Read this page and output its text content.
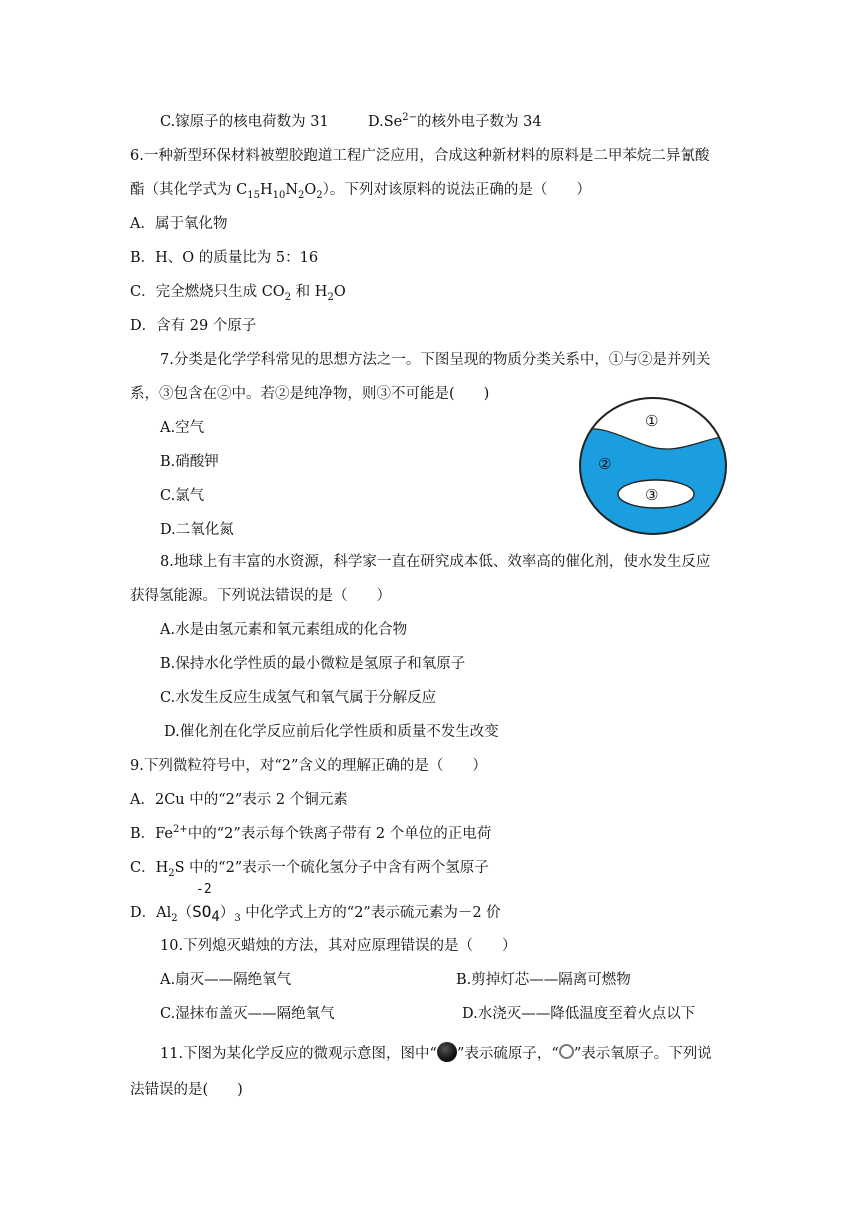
C.镓原子的核电荷数为 31	$D.Se^{2-}$的核外电子数为 34
6.一种新型环保材料被塑胶跑道工程广泛应用，合成这种新材料的原料是二甲苯烷二异氰酸
酯（其化学式为 $C_{15}H_{10}N_2O_2$）。下列对该原料的说法正确的是（　　）
A．属于氧化物
B．H、O 的质量比为 5：16
C．完全燃烧只生成 $CO_2$ 和 $H_2O$
D．含有 29 个原子
7.分类是化学学科常见的思想方法之一。下图呈现的物质分类关系中，①与②是并列关
系，③包含在②中。若②是纯净物，则③不可能是(　　)
A.空气
B.硝酸钾
C.氯气
D.二氧化氮
①
②
③
8.地球上有丰富的水资源，科学家一直在研究成本低、效率高的催化剂，使水发生反应
获得氢能源。下列说法错误的是（　　）
A.水是由氢元素和氧元素组成的化合物
B.保持水化学性质的最小微粒是氢原子和氧原子
C.水发生反应生成氢气和氧气属于分解反应
D.催化剂在化学反应前后化学性质和质量不发生改变
9.下列微粒符号中，对“2”含义的理解正确的是（　　）
A．2Cu 中的“2”表示 2 个铜元素
B．$Fe^{2+}$中的“2”表示每个铁离子带有 2 个单位的正电荷
C．$H_2S$ 中的“2”表示一个硫化氢分子中含有两个氢原子
-2
D．$Al_2(SO_4)_3$ 中化学式上方的“2”表示硫元素为－2 价
10.下列熄灭蜡烛的方法，其对应原理错误的是（　　）
A.扇灭——隔绝氧气	B.剪掉灯芯——隔离可燃物
C.湿抹布盖灭——隔绝氧气	D.水浇灭——降低温度至着火点以下
11.下图为某化学反应的微观示意图，图中“ ”表示硫原子，“ ”表示氧原子。下列说
法错误的是(　　)
